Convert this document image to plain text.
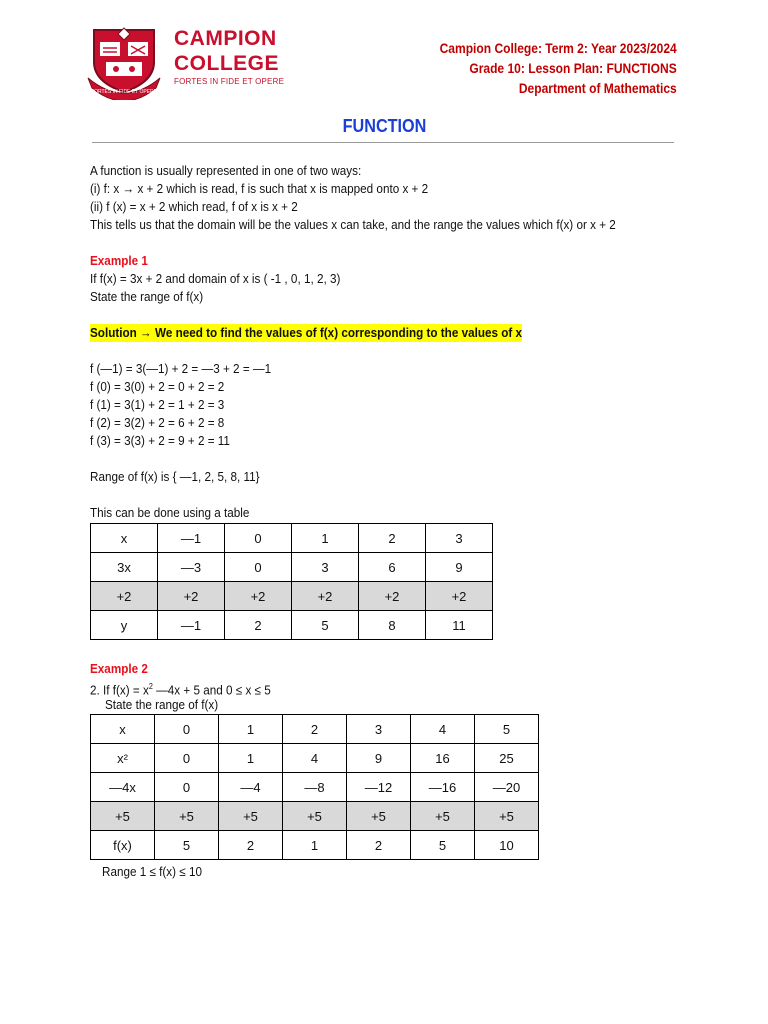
FORTES IN FIDE ET OPERE
CAMPION
COLLEGE
FORTES IN FIDE ET OPERE
Campion College: Term 2: Year 2023/2024
Grade 10: Lesson Plan: FUNCTIONS
Department of Mathematics
FUNCTION
A function is usually represented in one of two ways:
(i) f: x → x + 2 which is read, f is such that x is mapped onto x + 2
(ii) f (x) = x + 2 which read, f of x is x + 2
This tells us that the domain will be the values x can take, and the range the values which f(x) or x + 2
Example 1
If f(x) = 3x + 2 and domain of x is ( -1 , 0, 1, 2, 3)
State the range of f(x)
Solution → We need to find the values of f(x) corresponding to the values of x
f (—1) = 3(—1) + 2 = —3 + 2 = —1
f (0) = 3(0) + 2 = 0 + 2 = 2
f (1) = 3(1) + 2 = 1 + 2 = 3
f (2) = 3(2) + 2 = 6 + 2 = 8
f (3) = 3(3) + 2 = 9 + 2 = 11
Range of f(x) is { —1, 2, 5, 8, 11}
This can be done using a table
x	—1	0	1	2	3
3x	—3	0	3	6	9
+2	+2	+2	+2	+2	+2
y	—1	2	5	8	11
Example 2
2. If $f(x) = x^2$ —4x + 5 and 0 ≤ x ≤ 5
State the range of f(x)
x	0	1	2	3	4	5
x²	0	1	4	9	16	25
—4x	0	—4	—8	—12	—16	—20
+5	+5	+5	+5	+5	+5	+5
f(x)	5	2	1	2	5	10
Range 1 ≤ f(x) ≤ 10
